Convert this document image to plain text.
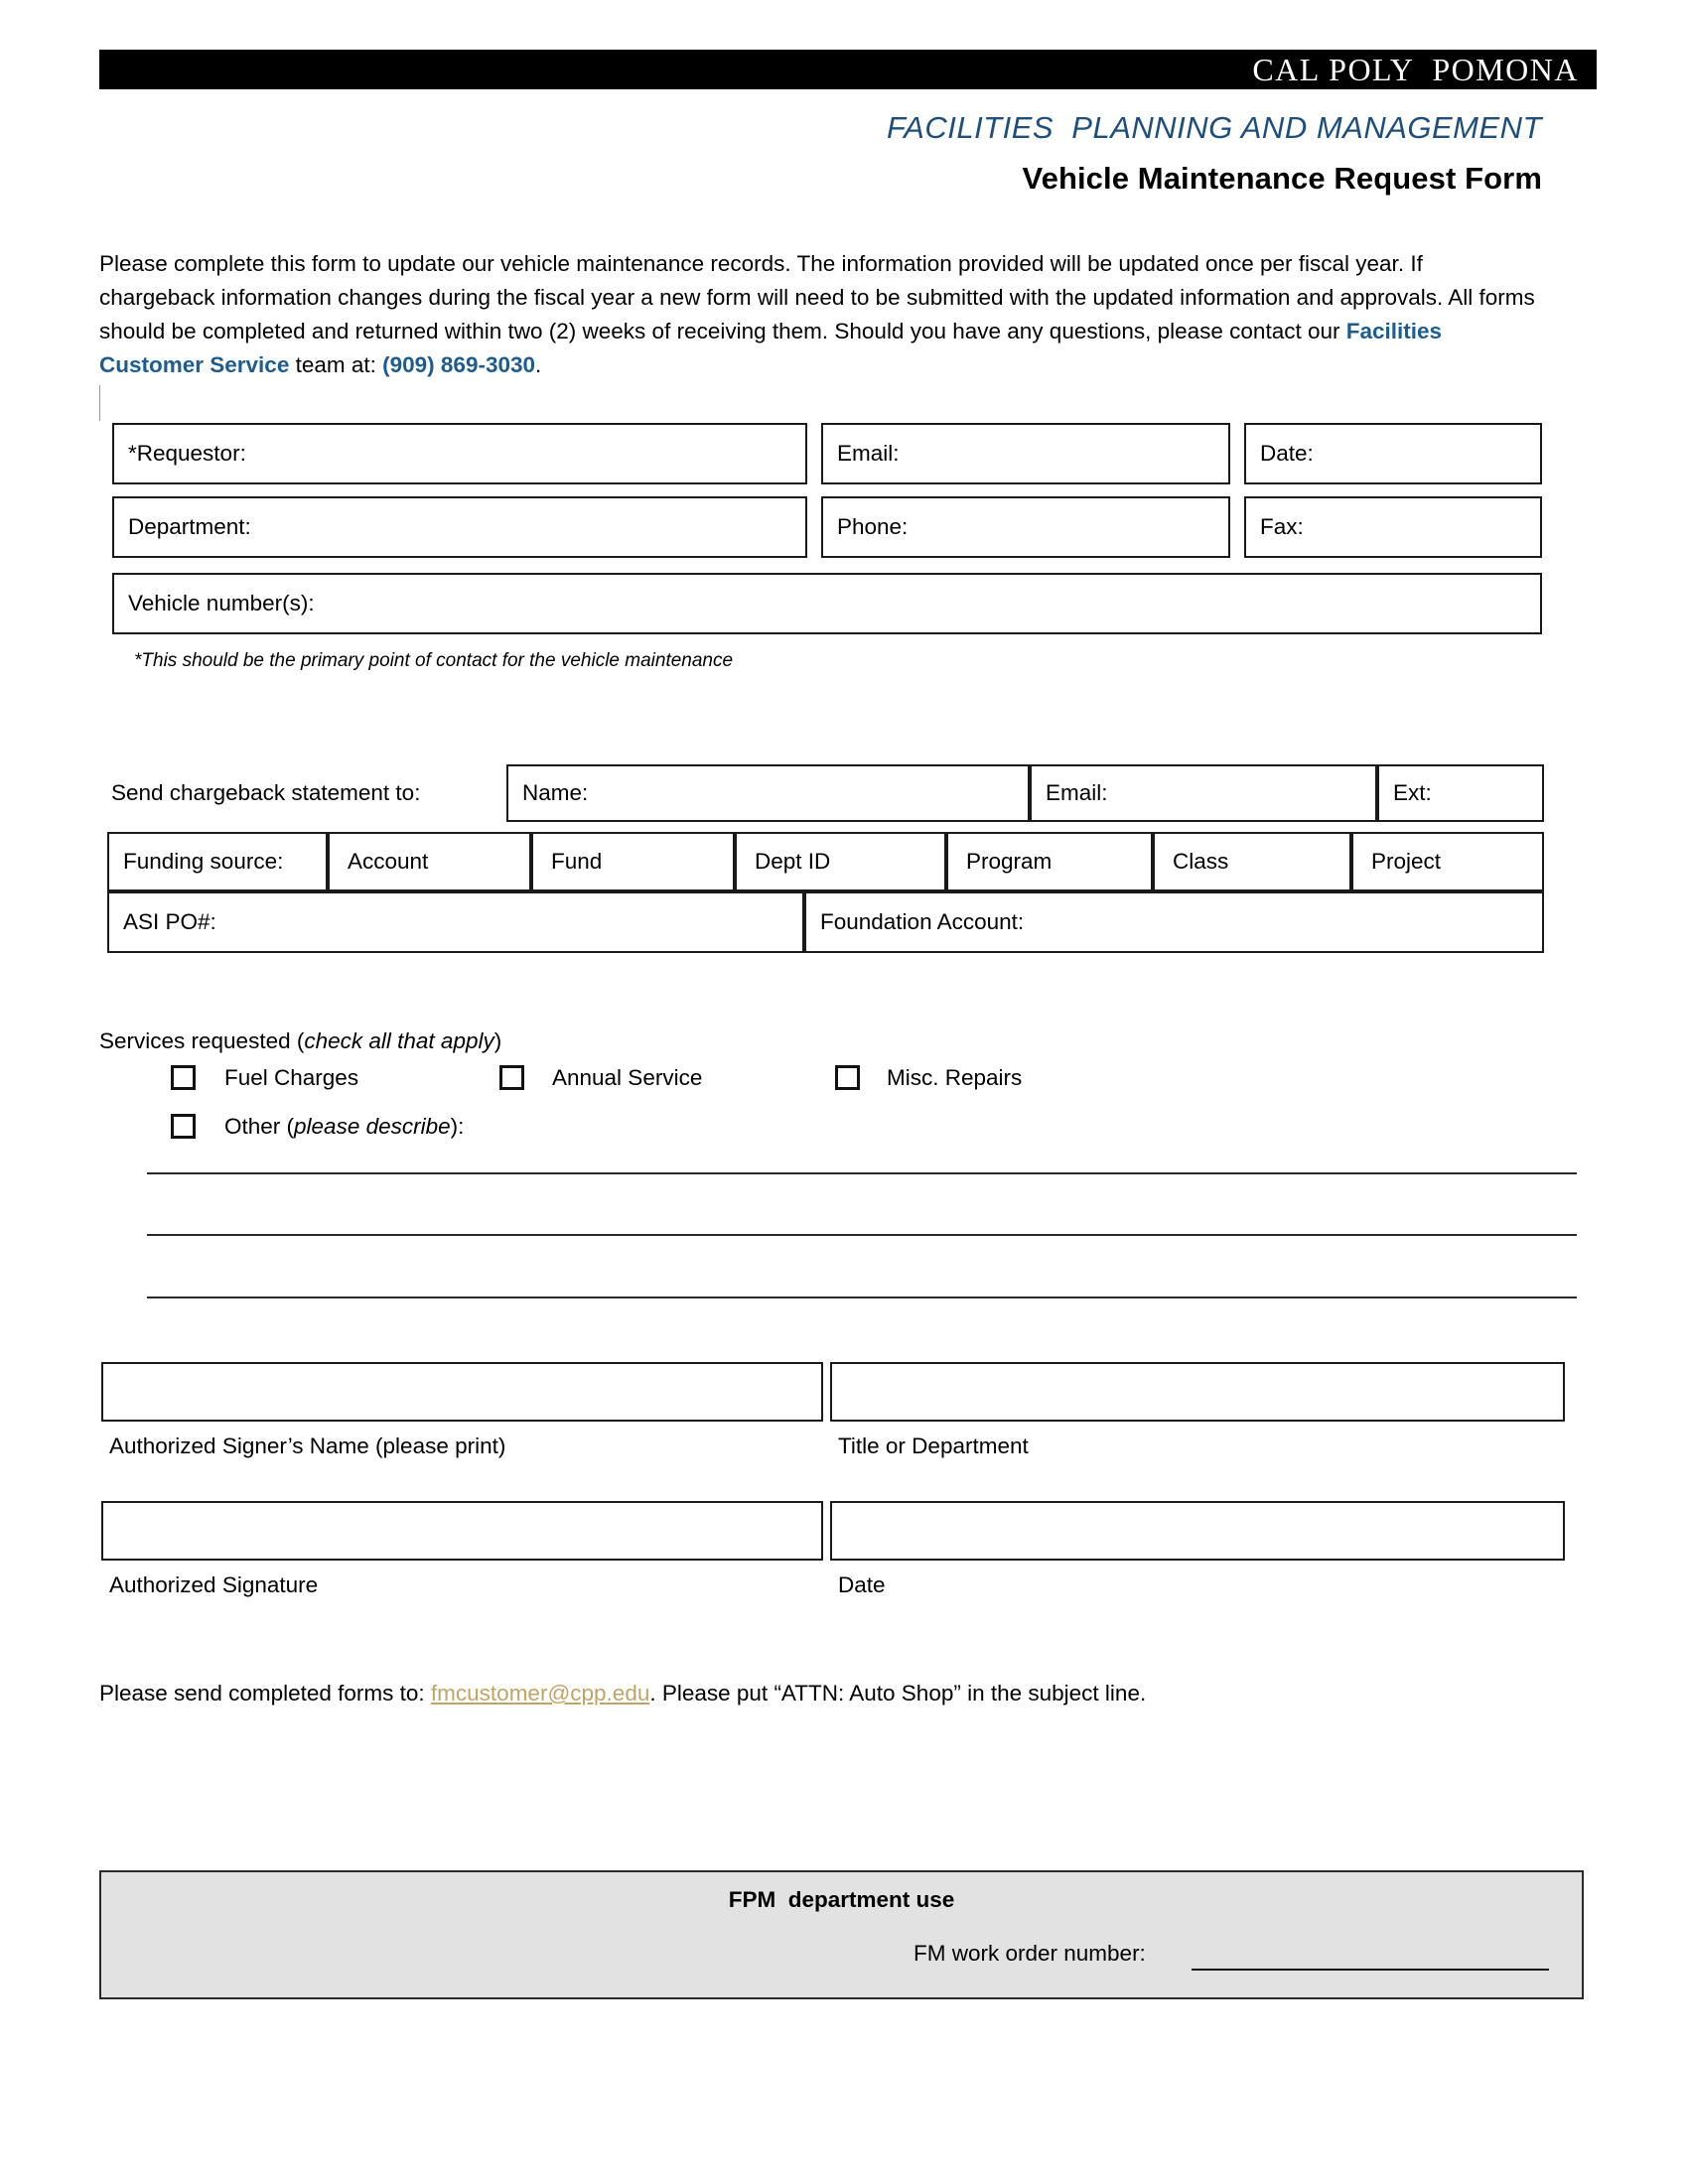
CAL POLY  POMONA
FACILITIES  PLANNING AND MANAGEMENT
Vehicle Maintenance Request Form

Please complete this form to update our vehicle maintenance records. The information provided will be updated once per fiscal year. If chargeback information changes during the fiscal year a new form will need to be submitted with the updated information and approvals. All forms should be completed and returned within two (2) weeks of receiving them. Should you have any questions, please contact our Facilities Customer Service team at: (909) 869-3030.

*Requestor:	Email:	Date:
Department:	Phone:	Fax:
Vehicle number(s):
*This should be the primary point of contact for the vehicle maintenance
Send chargeback statement to:	Name:	Email:	Ext:
Funding source:	Account	Fund	Dept ID	Program	Class	Project
ASI PO#:	Foundation Account:
Services requested (check all that apply)
Fuel Charges	Annual Service	Misc. Repairs
Other (please describe):
Authorized Signer’s Name (please print)	Title or Department
Authorized Signature	Date
Please send completed forms to: fmcustomer@cpp.edu. Please put “ATTN: Auto Shop” in the subject line.
FPM  department use
FM work order number:
